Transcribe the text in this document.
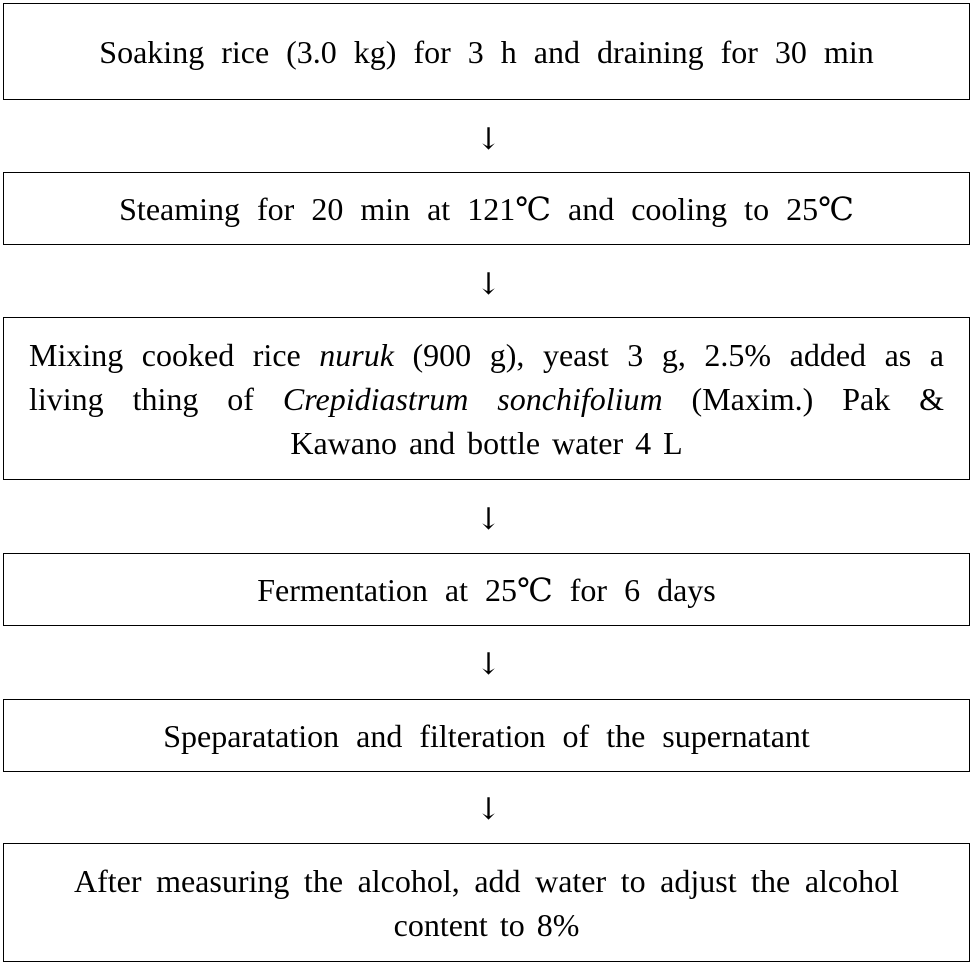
Soaking rice (3.0 kg) for 3 h and draining for 30 min
↓
Steaming for 20 min at 121℃ and cooling to 25℃
↓
Mixing cooked rice nuruk (900 g), yeast 3 g, 2.5% added as a living thing of Crepidiastrum sonchifolium (Maxim.) Pak & Kawano and bottle water 4 L
↓
Fermentation at 25℃ for 6 days
↓
Spераratation and filteration of the supernatant
↓
After measuring the alcohol, add water to adjust the alcohol content to 8%
